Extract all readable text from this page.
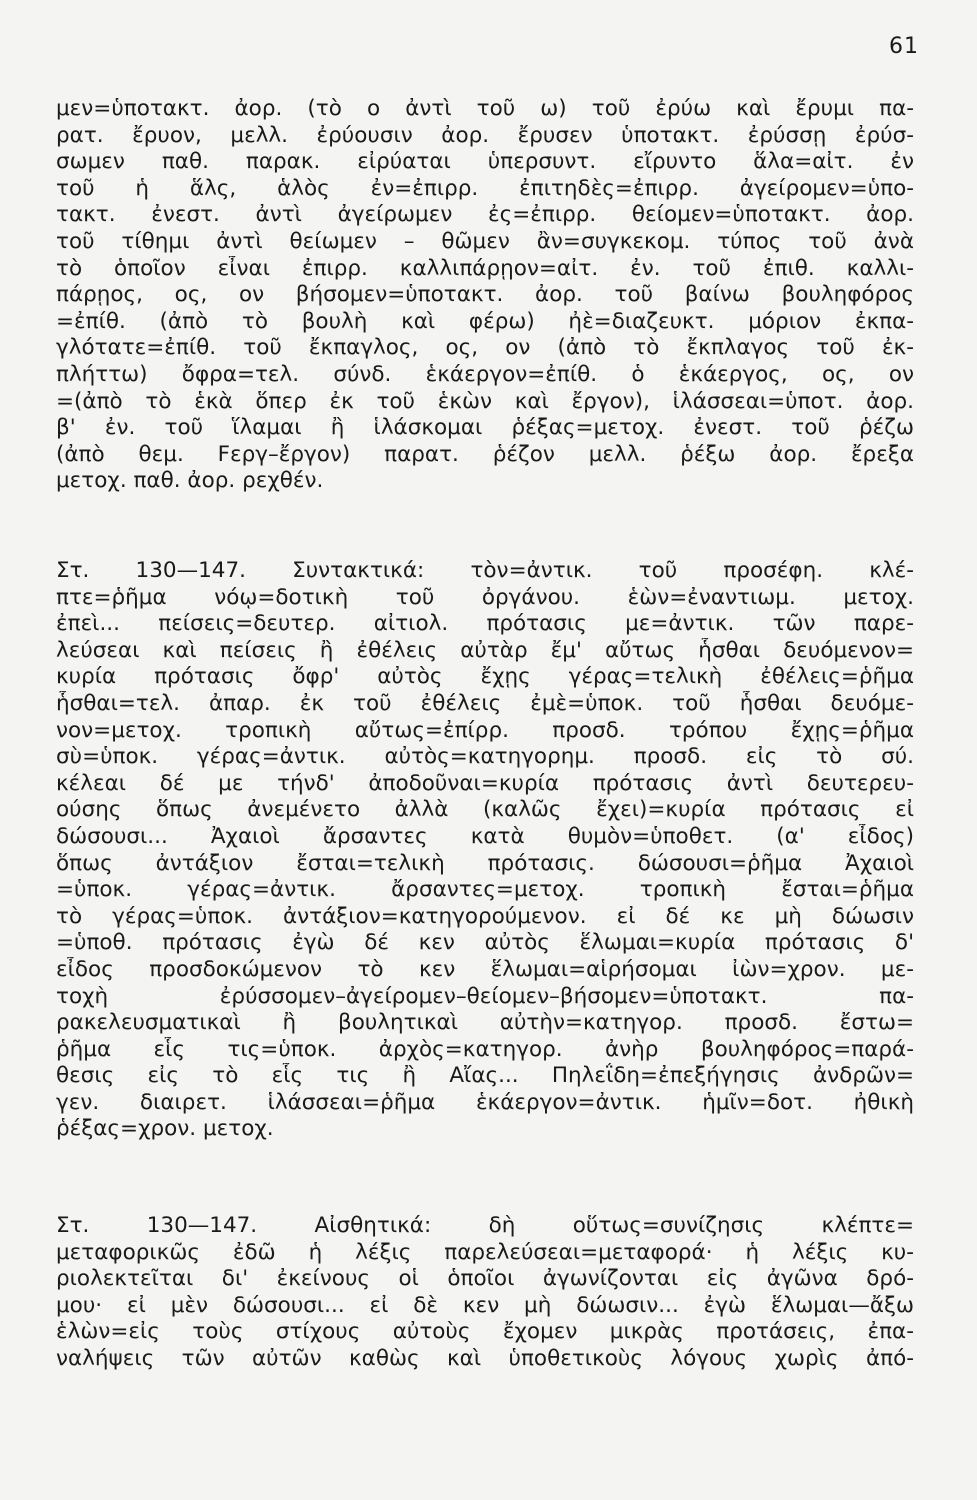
61
μεν=ὑποτακτ. ἀορ. (τὸ ο ἀντὶ τοῦ ω) τοῦ ἐρύω καὶ ἔρυμι πα-
ρατ. ἔρυον, μελλ. ἐρύουσιν ἀορ. ἔρυσεν ὑποτακτ. ἐρύσσῃ ἐρύσ-
σωμεν παθ. παρακ. εἰρύαται ὑπερσυντ. εἴρυντο ἅλα=αἰτ. ἐν
τοῦ ἡ ἅλς, ἁλὸς ἐν=ἐπιρρ. ἐπιτηδὲς=ἐπιρρ. ἀγείρομεν=ὑπο-
τακτ. ἐνεστ. ἀντὶ ἀγείρωμεν ἐς=ἐπιρρ. θείομεν=ὑποτακτ. ἀορ.
τοῦ τίθημι ἀντὶ θείωμεν – θῶμεν ἂν=συγκεκομ. τύπος τοῦ ἀνὰ
τὸ ὁποῖον εἶναι ἐπιρρ. καλλιπάρῃον=αἰτ. ἐν. τοῦ ἐπιθ. καλλι-
πάρῃος, ος, ον βήσομεν=ὑποτακτ. ἀορ. τοῦ βαίνω βουληφόρος
=ἐπίθ. (ἀπὸ τὸ βουλὴ καὶ φέρω) ἠὲ=διαζευκτ. μόριον ἐκπα-
γλότατε=ἐπίθ. τοῦ ἔκπαγλος, ος, ον (ἀπὸ τὸ ἔκπλαγος τοῦ ἐκ-
πλήττω) ὄφρα=τελ. σύνδ. ἑκάεργον=ἐπίθ. ὁ ἑκάεργος, ος, ον
=(ἀπὸ τὸ ἑκὰ ὅπερ ἐκ τοῦ ἑκὼν καὶ ἔργον), ἱλάσσεαι=ὑποτ. ἀορ.
β' ἐν. τοῦ ἵλαμαι ἢ ἱλάσκομαι ῥέξας=μετοχ. ἐνεστ. τοῦ ῥέζω
(ἀπὸ θεμ. Fεργ–ἔργον) παρατ. ῥέζον μελλ. ῥέξω ἀορ. ἔρεξα
μετοχ. παθ. ἀορ. ρεχθέν.
Στ. 130—147. Συντακτικά: τὸν=ἀντικ. τοῦ προσέφη. κλέ-
πτε=ῥῆμα νόῳ=δοτικὴ τοῦ ὀργάνου. ἑὼν=ἐναντιωμ. μετοχ.
ἐπεὶ... πείσεις=δευτερ. αἰτιολ. πρότασις με=ἀντικ. τῶν παρε-
λεύσεαι καὶ πείσεις ἢ ἐθέλεις αὐτὰρ ἔμ' αὔτως ἧσθαι δευόμενον=
κυρία πρότασις ὄφρ' αὐτὸς ἔχῃς γέρας=τελικὴ ἐθέλεις=ῥῆμα
ἧσθαι=τελ. ἀπαρ. ἐκ τοῦ ἐθέλεις ἐμὲ=ὑποκ. τοῦ ἧσθαι δευόμε-
νον=μετοχ. τροπικὴ αὔτως=ἐπίρρ. προσδ. τρόπου ἔχῃς=ῥῆμα
σὺ=ὑποκ. γέρας=ἀντικ. αὐτὸς=κατηγορημ. προσδ. εἰς τὸ σύ.
κέλεαι δέ με τήνδ' ἀποδοῦναι=κυρία πρότασις ἀντὶ δευτερευ-
ούσης ὅπως ἀνεμένετο ἀλλὰ (καλῶς ἔχει)=κυρία πρότασις εἰ
δώσουσι... Ἀχαιοὶ ἄρσαντες κατὰ θυμὸν=ὑποθετ. (α' εἶδος)
ὅπως ἀντάξιον ἔσται=τελικὴ πρότασις. δώσουσι=ῥῆμα Ἀχαιοὶ
=ὑποκ. γέρας=ἀντικ. ἄρσαντες=μετοχ. τροπικὴ ἔσται=ῥῆμα
τὸ γέρας=ὑποκ. ἀντάξιον=κατηγορούμενον. εἰ δέ κε μὴ δώωσιν
=ὑποθ. πρότασις ἐγὼ δέ κεν αὐτὸς ἕλωμαι=κυρία πρότασις δ'
εἶδος προσδοκώμενον τὸ κεν ἕλωμαι=αἱρήσομαι ἰὼν=χρον. με-
τοχὴ ἐρύσσομεν–ἀγείρομεν–θείομεν–βήσομεν=ὑποτακτ. πα-
ρακελευσματικαὶ ἢ βουλητικαὶ αὐτὴν=κατηγορ. προσδ. ἔστω=
ῥῆμα εἷς τις=ὑποκ. ἀρχὸς=κατηγορ. ἀνὴρ βουληφόρος=παρά-
θεσις εἰς τὸ εἷς τις ἢ Αἴας... Πηλεΐδη=ἐπεξήγησις ἀνδρῶν=
γεν. διαιρετ. ἱλάσσεαι=ῥῆμα ἑκάεργον=ἀντικ. ἡμῖν=δοτ. ἠθικὴ
ῥέξας=χρον. μετοχ.
Στ. 130—147. Αἰσθητικά: δὴ οὕτως=συνίζησις κλέπτε=
μεταφορικῶς ἐδῶ ἡ λέξις παρελεύσεαι=μεταφορά· ἡ λέξις κυ-
ριολεκτεῖται δι' ἐκείνους οἱ ὁποῖοι ἀγωνίζονται εἰς ἀγῶνα δρό-
μου· εἰ μὲν δώσουσι... εἰ δὲ κεν μὴ δώωσιν... ἐγὼ ἕλωμαι—ἄξω
ἑλὼν=εἰς τοὺς στίχους αὐτοὺς ἔχομεν μικρὰς προτάσεις, ἐπα-
ναλήψεις τῶν αὐτῶν καθὼς καὶ ὑποθετικοὺς λόγους χωρὶς ἀπό-
